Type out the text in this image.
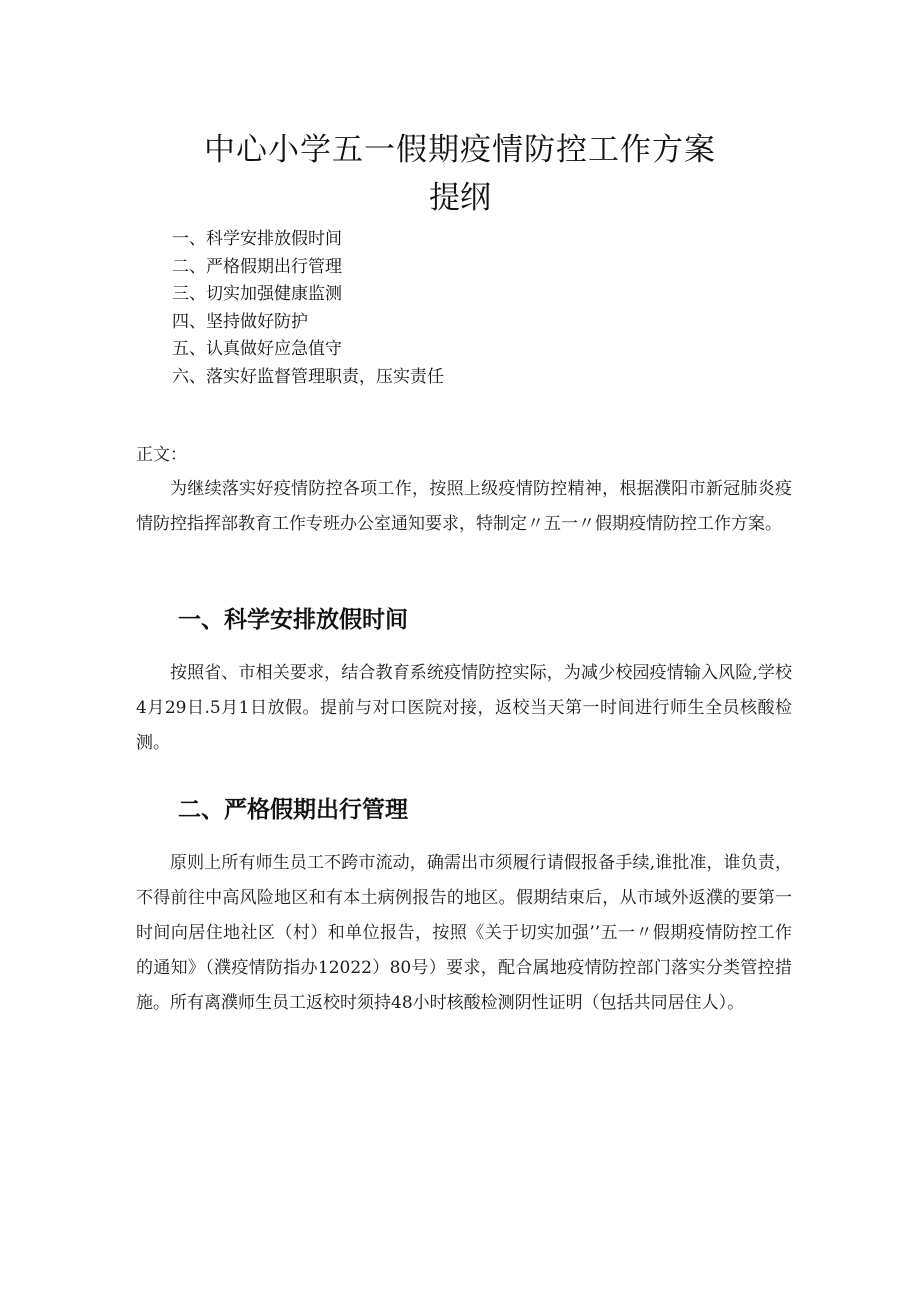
中心小学五一假期疫情防控工作方案
提纲
一、科学安排放假时间
二、严格假期出行管理
三、切实加强健康监测
四、坚持做好防护
五、认真做好应急值守
六、落实好监督管理职责，压实责任
正文：

为继续落实好疫情防控各项工作，按照上级疫情防控精神，根据濮阳市新冠肺炎疫情防控指挥部教育工作专班办公室通知要求，特制定〃五一〃假期疫情防控工作方案。

一、科学安排放假时间

按照省、市相关要求，结合教育系统疫情防控实际，为减少校园疫情输入风险,学校4月29日.5月1日放假。提前与对口医院对接，返校当天第一时间进行师生全员核酸检测。

二、严格假期出行管理

原则上所有师生员工不跨市流动，确需出市须履行请假报备手续,谁批准，谁负责，不得前往中高风险地区和有本土病例报告的地区。假期结束后，从市域外返濮的要第一时间向居住地社区（村）和单位报告，按照《关于切实加强’’五一〃假期疫情防控工作的通知》（濮疫情防指办12022）80号）要求，配合属地疫情防控部门落实分类管控措施。所有离濮师生员工返校时须持48小时核酸检测阴性证明（包括共同居住人）。
